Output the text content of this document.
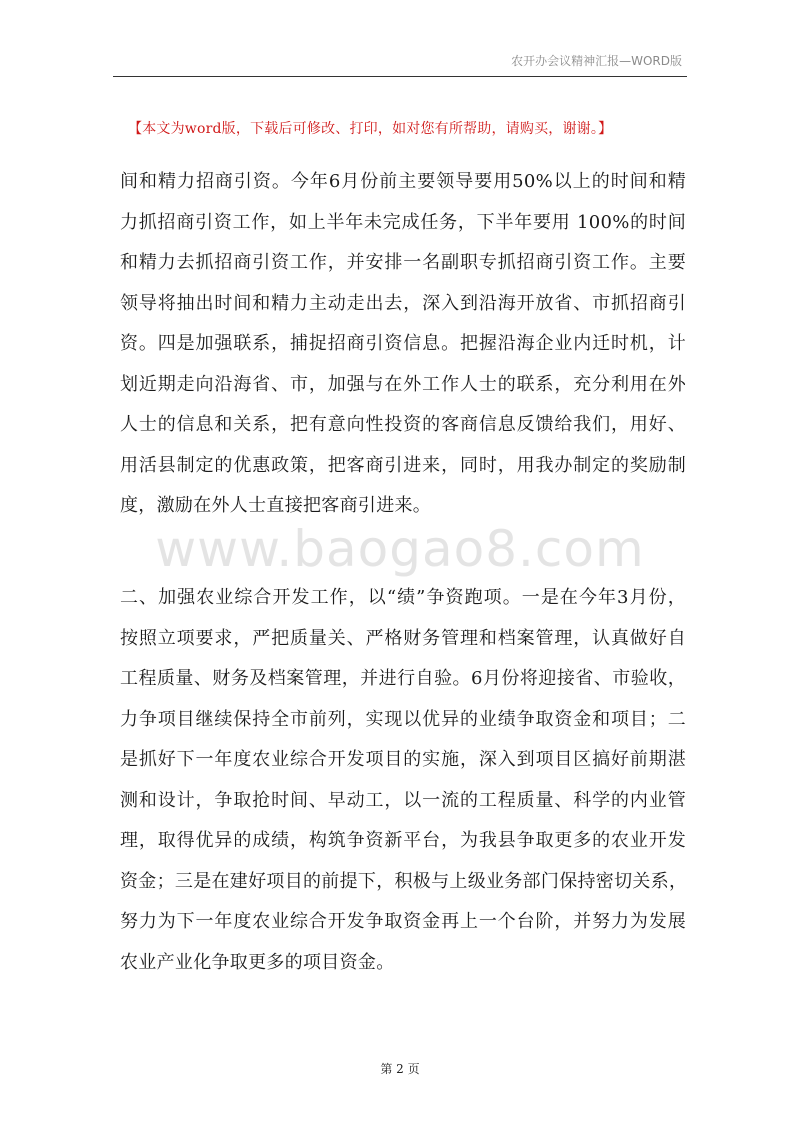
农开办会议精神汇报—WORD版
【本文为word版，下载后可修改、打印，如对您有所帮助，请购买，谢谢。】
www.baogao8.com
间和精力招商引资。今年6月份前主要领导要用50%以上的时间和精
力抓招商引资工作，如上半年未完成任务，下半年要用 100%的时间
和精力去抓招商引资工作，并安排一名副职专抓招商引资工作。主要
领导将抽出时间和精力主动走出去，深入到沿海开放省、市抓招商引
资。四是加强联系，捕捉招商引资信息。把握沿海企业内迁时机，计
划近期走向沿海省、市，加强与在外工作人士的联系，充分利用在外
人士的信息和关系，把有意向性投资的客商信息反馈给我们，用好、
用活县制定的优惠政策，把客商引进来，同时，用我办制定的奖励制
度，激励在外人士直接把客商引进来。
二、加强农业综合开发工作，以“绩”争资跑项。一是在今年3月份，
按照立项要求，严把质量关、严格财务管理和档案管理，认真做好自
工程质量、财务及档案管理，并进行自验。6月份将迎接省、市验收，
力争项目继续保持全市前列，实现以优异的业绩争取资金和项目；二
是抓好下一年度农业综合开发项目的实施，深入到项目区搞好前期湛
测和设计，争取抢时间、早动工，以一流的工程质量、科学的内业管
理，取得优异的成绩，构筑争资新平台，为我县争取更多的农业开发
资金；三是在建好项目的前提下，积极与上级业务部门保持密切关系，
努力为下一年度农业综合开发争取资金再上一个台阶，并努力为发展
农业产业化争取更多的项目资金。
第 2 页
